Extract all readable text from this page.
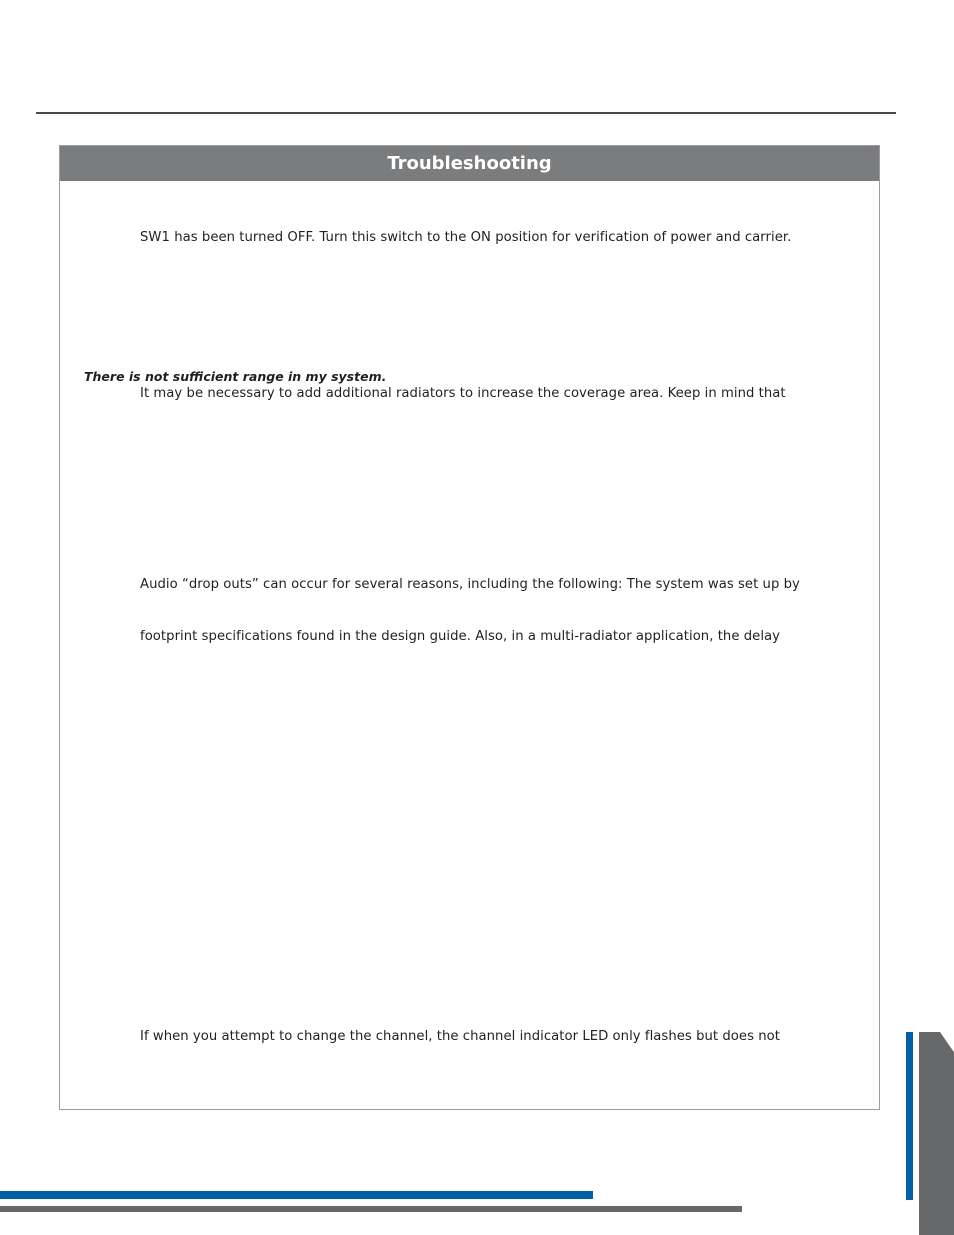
Troubleshooting
SW1 has been turned OFF. Turn this switch to the ON position for verification of power and carrier.
There is not sufficient range in my system.
It may be necessary to add additional radiators to increase the coverage area. Keep in mind that
Audio “drop outs” can occur for several reasons, including the following: The system was set up by
footprint specifications found in the design guide. Also, in a multi-radiator application, the delay
If when you attempt to change the channel, the channel indicator LED only flashes but does not
